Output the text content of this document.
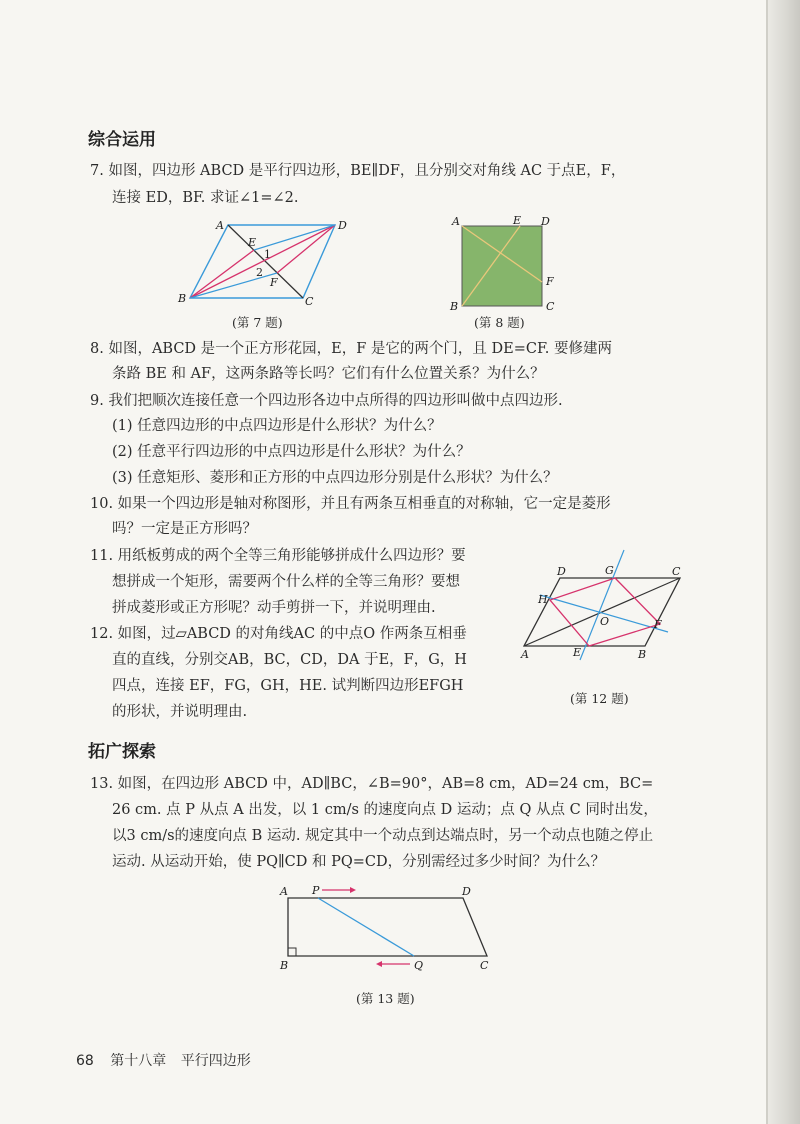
综合运用
7. 如图，四边形 ABCD 是平行四边形，BE∥DF，且分别交对角线 AC 于点E，F，
连接 ED，BF. 求证∠1=∠2.
A	D
B	C
E
F
1
2
(第 7 题)
A	E D
F
B	C
(第 8 题)
8. 如图，ABCD 是一个正方形花园，E，F 是它的两个门，且 DE=CF. 要修建两
条路 BE 和 AF，这两条路等长吗？它们有什么位置关系？为什么？
9. 我们把顺次连接任意一个四边形各边中点所得的四边形叫做中点四边形.
(1) 任意四边形的中点四边形是什么形状？为什么？
(2) 任意平行四边形的中点四边形是什么形状？为什么？
(3) 任意矩形、菱形和正方形的中点四边形分别是什么形状？为什么？
10. 如果一个四边形是轴对称图形，并且有两条互相垂直的对称轴，它一定是菱形
吗？一定是正方形吗？
11. 用纸板剪成的两个全等三角形能够拼成什么四边形？要
想拼成一个矩形，需要两个什么样的全等三角形？要想
拼成菱形或正方形呢？动手剪拼一下，并说明理由.
12. 如图，过▱ABCD 的对角线AC 的中点O 作两条互相垂
直的直线，分别交AB，BC，CD，DA 于E，F，G，H
四点，连接 EF，FG，GH，HE. 试判断四边形EFGH
的形状，并说明理由.
D	G	C
H
O	F
A	E	B
(第 12 题)
拓广探索
13. 如图，在四边形 ABCD 中，AD∥BC，∠B=90°，AB=8 cm，AD=24 cm，BC=
26 cm. 点 P 从点 A 出发，以 1 cm/s 的速度向点 D 运动；点 Q 从点 C 同时出发，
以3 cm/s的速度向点 B 运动. 规定其中一个动点到达端点时，另一个动点也随之停止
运动. 从运动开始，使 PQ∥CD 和 PQ=CD，分别需经过多少时间？为什么？
A P	D
B	Q	C
(第 13 题)
68 第十八章 平行四边形
